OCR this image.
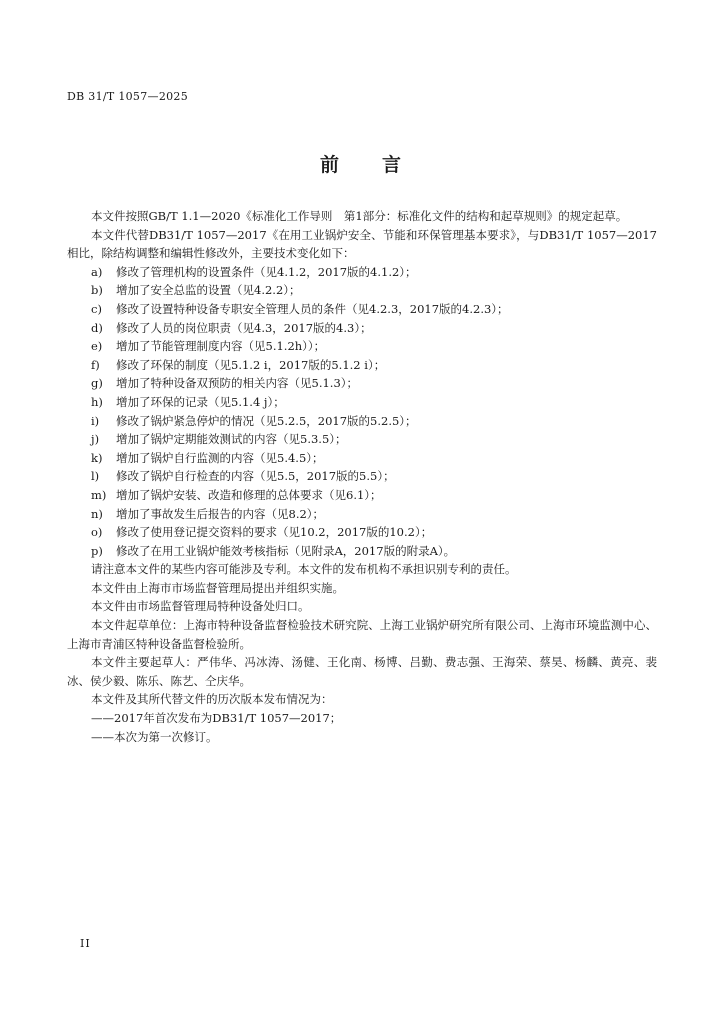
DB 31/T 1057—2025
前 言

本文件按照GB/T 1.1—2020《标准化工作导则　第1部分：标准化文件的结构和起草规则》的规定起草。

本文件代替DB31/T 1057—2017《在用工业锅炉安全、节能和环保管理基本要求》，与DB31/T 1057—2017相比，除结构调整和编辑性修改外，主要技术变化如下：

a)	修改了管理机构的设置条件（见4.1.2，2017版的4.1.2）；
b)	增加了安全总监的设置（见4.2.2）；
c)	修改了设置特种设备专职安全管理人员的条件（见4.2.3，2017版的4.2.3）；
d)	修改了人员的岗位职责（见4.3，2017版的4.3）；
e)	增加了节能管理制度内容（见5.1.2h））；
f)	修改了环保的制度（见5.1.2 i，2017版的5.1.2 i）；
g)	增加了特种设备双预防的相关内容（见5.1.3）；
h)	增加了环保的记录（见5.1.4 j）；
i)	修改了锅炉紧急停炉的情况（见5.2.5，2017版的5.2.5）；
j)	增加了锅炉定期能效测试的内容（见5.3.5）；
k)	增加了锅炉自行监测的内容（见5.4.5）；
l)	修改了锅炉自行检查的内容（见5.5，2017版的5.5）；
m) 增加了锅炉安装、改造和修理的总体要求（见6.1）；
n)	增加了事故发生后报告的内容（见8.2）；
o)	修改了使用登记提交资料的要求（见10.2，2017版的10.2）；
p)	修改了在用工业锅炉能效考核指标（见附录A，2017版的附录A）。

请注意本文件的某些内容可能涉及专利。本文件的发布机构不承担识别专利的责任。

本文件由上海市市场监督管理局提出并组织实施。

本文件由市场监督管理局特种设备处归口。

本文件起草单位：上海市特种设备监督检验技术研究院、上海工业锅炉研究所有限公司、上海市环境监测中心、上海市青浦区特种设备监督检验所。

本文件主要起草人：严伟华、冯冰涛、汤健、王化南、杨博、吕勤、费志强、王海荣、蔡昊、杨麟、黄亮、裴冰、侯少毅、陈乐、陈艺、仝庆华。

本文件及其所代替文件的历次版本发布情况为：

——2017年首次发布为DB31/T 1057—2017；

——本次为第一次修订。

II
